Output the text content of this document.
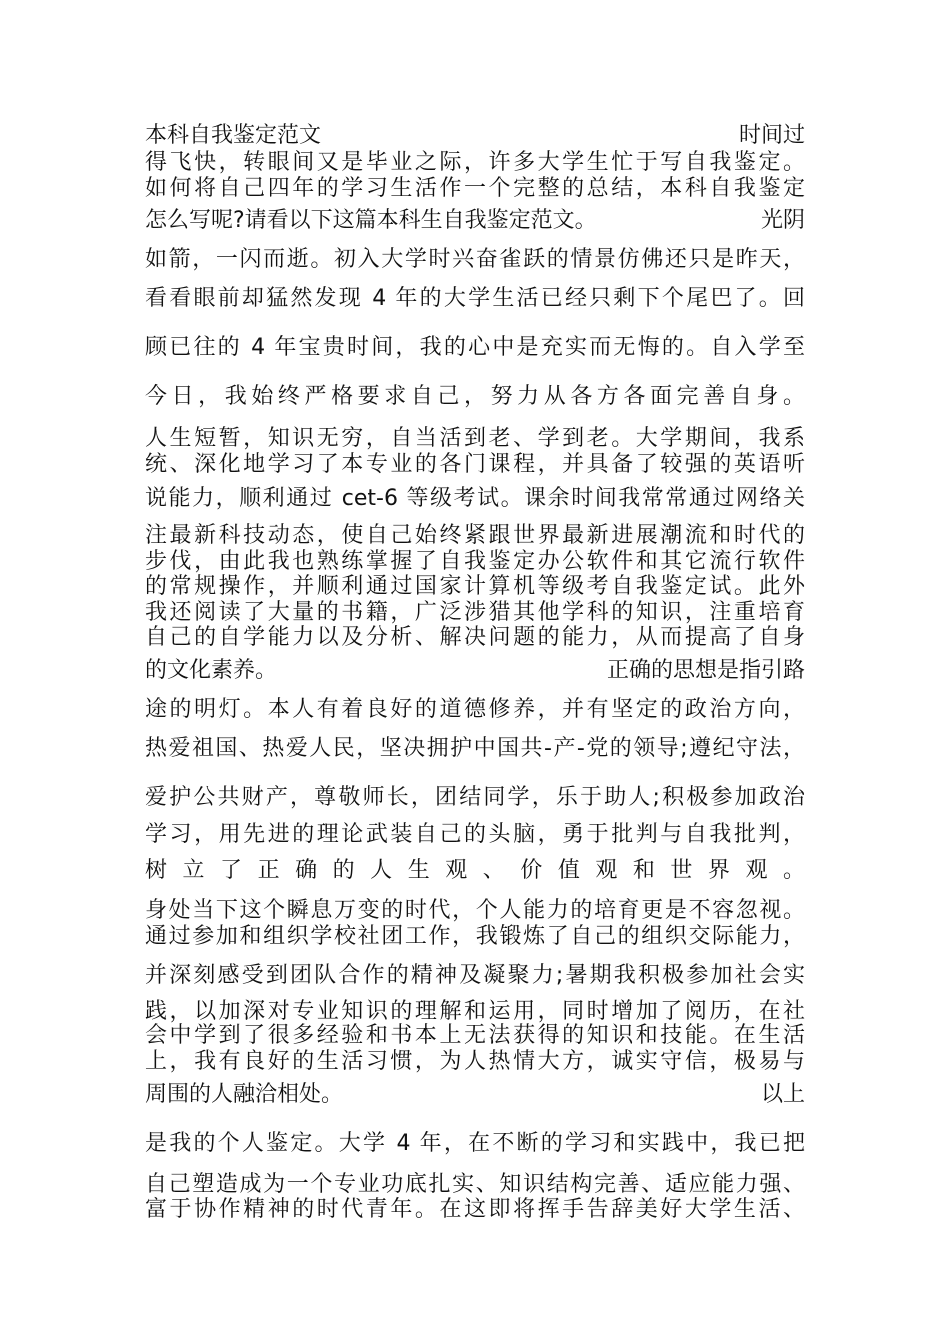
本科自我鉴定范文	时间过
得飞快，转眼间又是毕业之际，许多大学生忙于写自我鉴定。
如何将自己四年的学习生活作一个完整的总结，本科自我鉴定
怎么写呢?请看以下这篇本科生自我鉴定范文。	光阴
如箭，一闪而逝。初入大学时兴奋雀跃的情景仿佛还只是昨天，
看看眼前却猛然发现 4 年的大学生活已经只剩下个尾巴了。回
顾已往的 4 年宝贵时间，我的心中是充实而无悔的。自入学至
今日，我始终严格要求自己，努力从各方各面完善自身。
人生短暂，知识无穷，自当活到老、学到老。大学期间，我系
统、深化地学习了本专业的各门课程，并具备了较强的英语听
说能力，顺利通过 cet-6 等级考试。课余时间我常常通过网络关
注最新科技动态，使自己始终紧跟世界最新进展潮流和时代的
步伐，由此我也熟练掌握了自我鉴定办公软件和其它流行软件
的常规操作，并顺利通过国家计算机等级考自我鉴定试。此外
我还阅读了大量的书籍，广泛涉猎其他学科的知识，注重培育
自己的自学能力以及分析、解决问题的能力，从而提高了自身
的文化素养。	正确的思想是指引路
途的明灯。本人有着良好的道德修养，并有坚定的政治方向，
热爱祖国、热爱人民，坚决拥护中国共-产-党的领导;遵纪守法，
爱护公共财产，尊敬师长，团结同学，乐于助人;积极参加政治
学习，用先进的理论武装自己的头脑，勇于批判与自我批判，
树立了正确的人生观、价值观和世界观。
身处当下这个瞬息万变的时代，个人能力的培育更是不容忽视。
通过参加和组织学校社团工作，我锻炼了自己的组织交际能力，
并深刻感受到团队合作的精神及凝聚力;暑期我积极参加社会实
践，以加深对专业知识的理解和运用，同时增加了阅历，在社
会中学到了很多经验和书本上无法获得的知识和技能。在生活
上，我有良好的生活习惯，为人热情大方，诚实守信，极易与
周围的人融洽相处。	以上
是我的个人鉴定。大学 4 年，在不断的学习和实践中，我已把
自己塑造成为一个专业功底扎实、知识结构完善、适应能力强、
富于协作精神的时代青年。在这即将挥手告辞美好大学生活、
